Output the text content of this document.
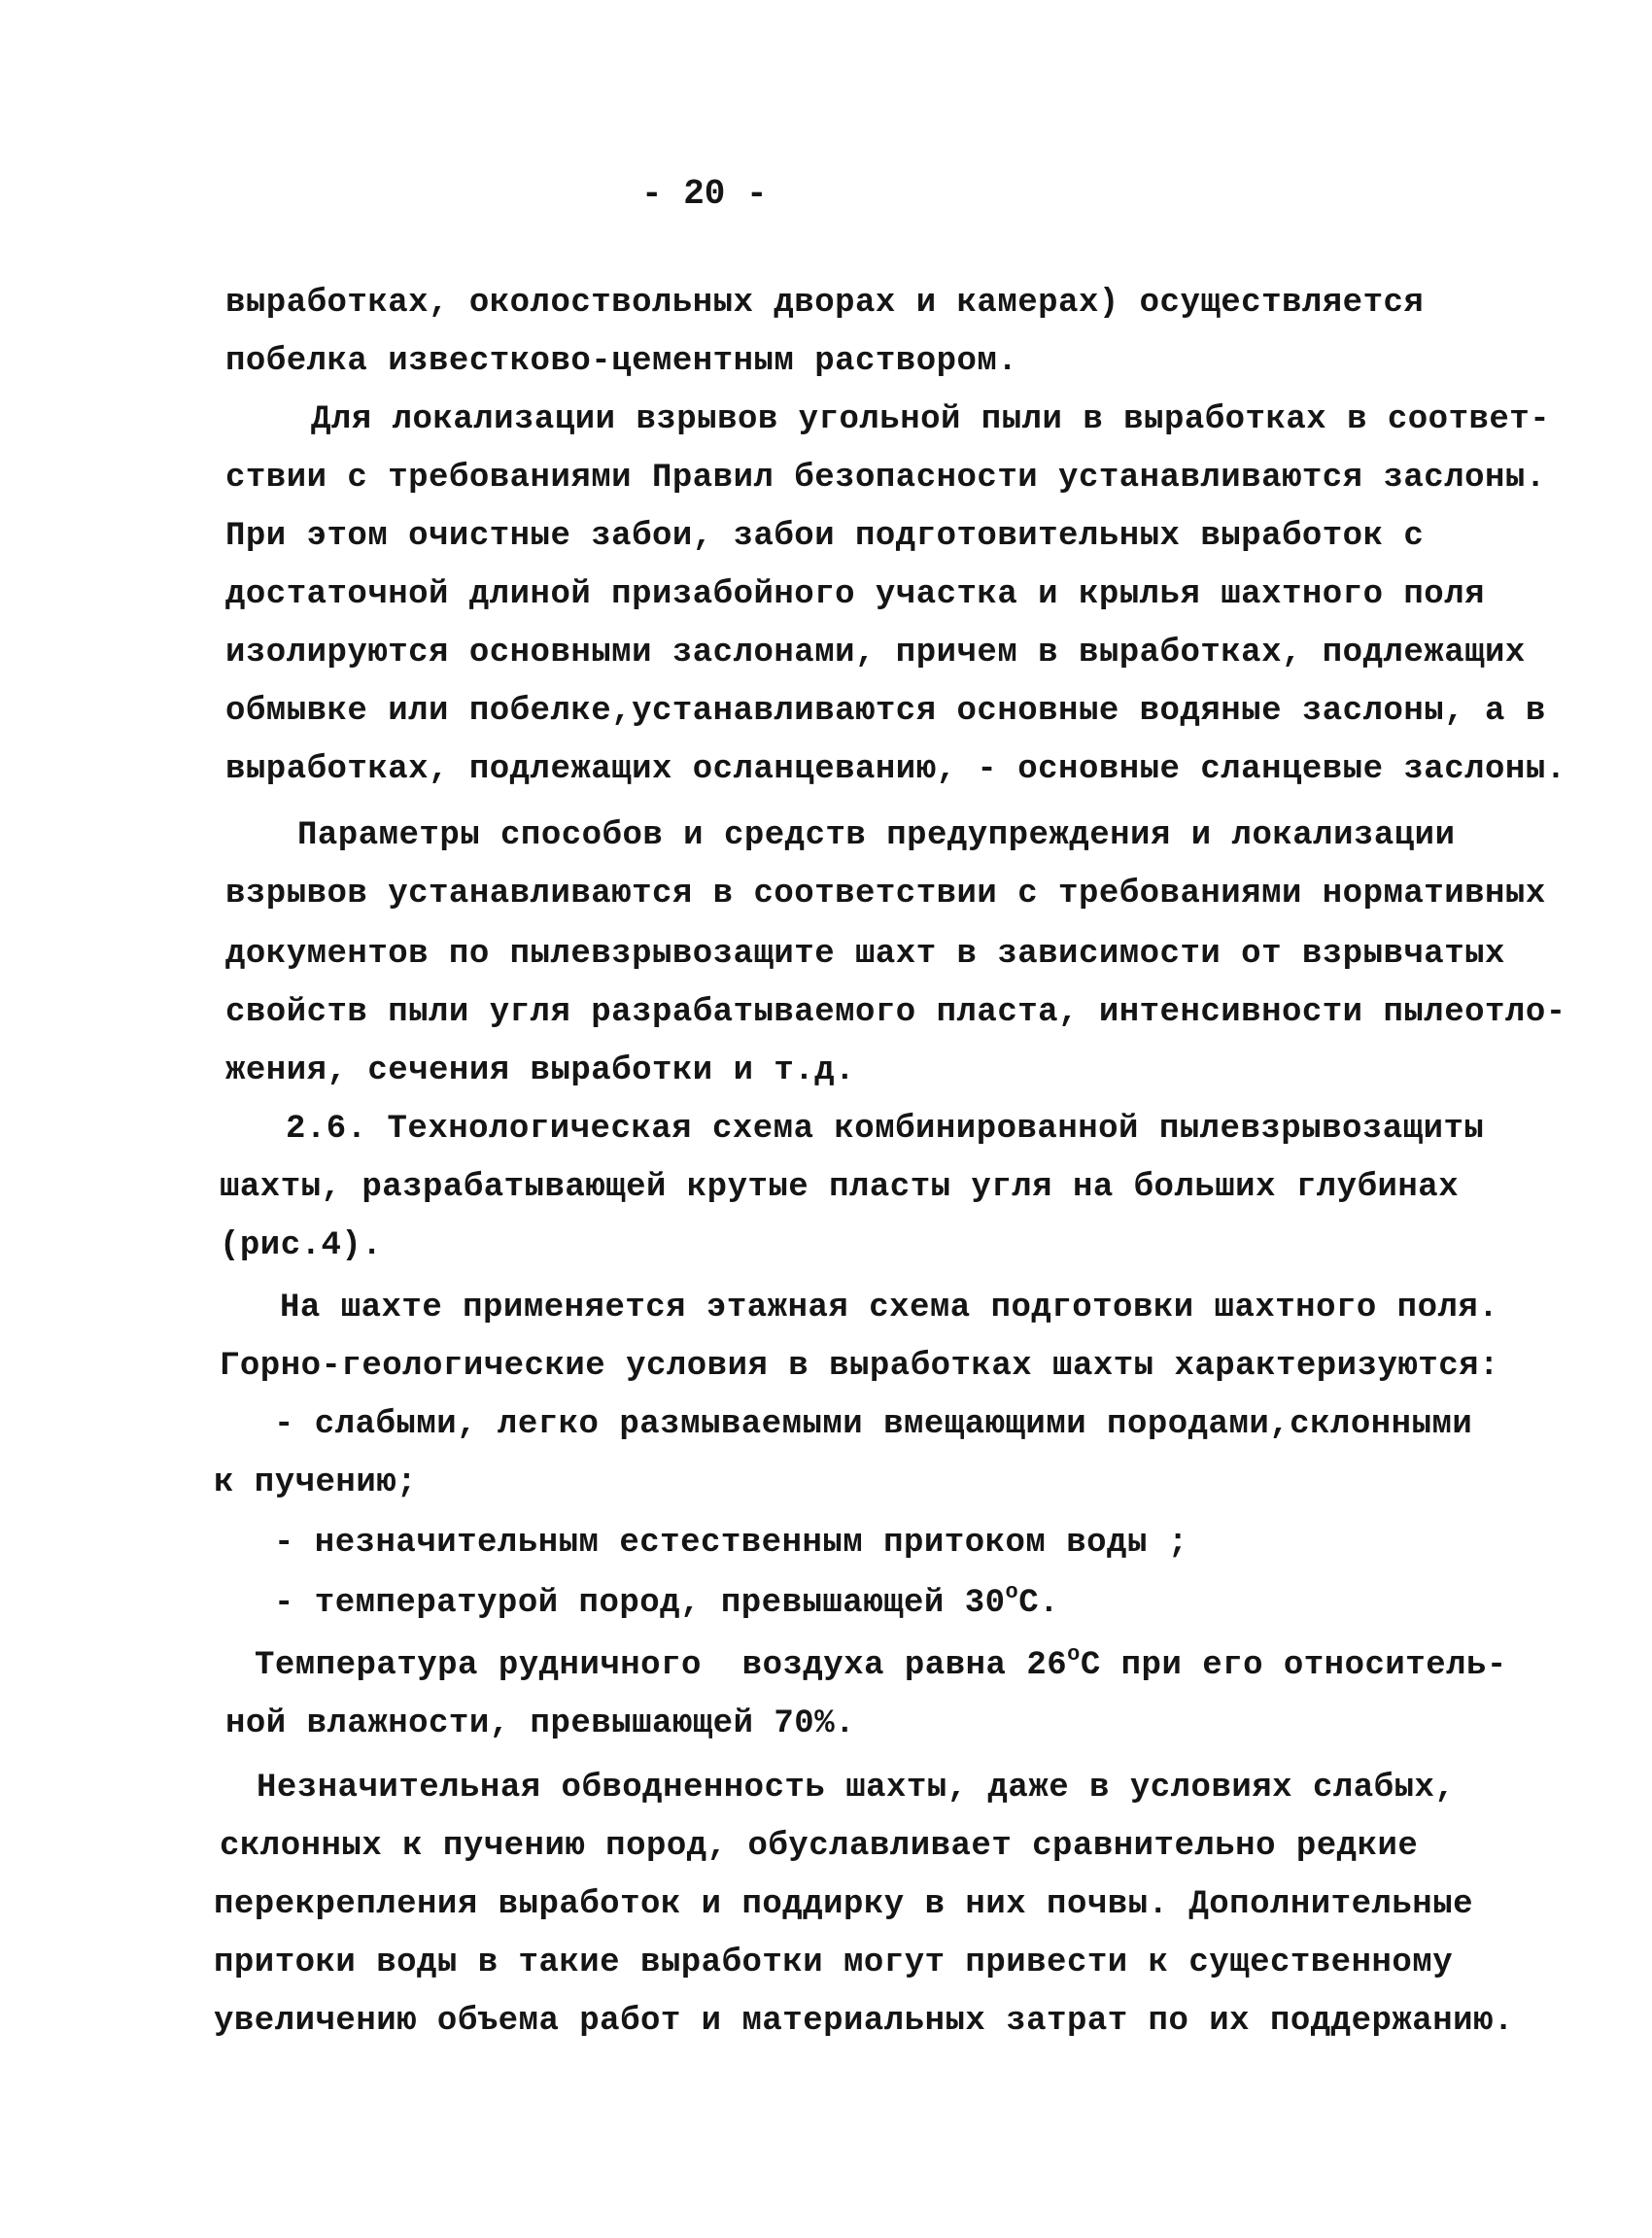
- 20 -
выработках, околоствольных дворах и камерах) осуществляется
побелка известково-цементным раствором.
Для локализации взрывов угольной пыли в выработках в соответ-
ствии с требованиями Правил безопасности устанавливаются заслоны.
При этом очистные забои, забои подготовительных выработок с
достаточной длиной призабойного участка и крылья шахтного поля
изолируются основными заслонами, причем в выработках, подлежащих
обмывке или побелке,устанавливаются основные водяные заслоны, а в
выработках, подлежащих осланцеванию, - основные сланцевые заслоны.
Параметры способов и средств предупреждения и локализации
взрывов устанавливаются в соответствии с требованиями нормативных
документов по пылевзрывозащите шахт в зависимости от взрывчатых
свойств пыли угля разрабатываемого пласта, интенсивности пылеотло-
жения, сечения выработки и т.д.
2.6. Технологическая схема комбинированной пылевзрывозащиты
шахты, разрабатывающей крутые пласты угля на больших глубинах
(рис.4).
На шахте применяется этажная схема подготовки шахтного поля.
Горно-геологические условия в выработках шахты характеризуются:
- слабыми, легко размываемыми вмещающими породами,склонными
к пучению;
- незначительным естественным притоком воды ;
- температурой пород, превышающей $30^оС$.
Температура рудничного  воздуха равна $26^оС$ при его относитель-
ной влажности, превышающей 70%.
Незначительная обводненность шахты, даже в условиях слабых,
склонных к пучению пород, обуславливает сравнительно редкие
перекрепления выработок и поддирку в них почвы. Дополнительные
притоки воды в такие выработки могут привести к существенному
увеличению объема работ и материальных затрат по их поддержанию.
